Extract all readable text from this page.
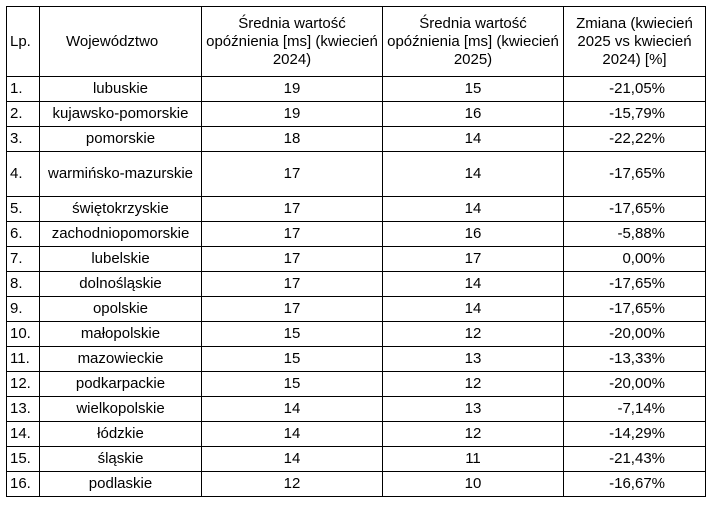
Lp.	Województwo	Średnia wartość opóźnienia [ms] (kwiecień 2024)	Średnia wartość opóźnienia [ms] (kwiecień 2025)	Zmiana (kwiecień 2025 vs kwiecień 2024) [%]
1.	lubuskie	19	15	-21,05%
2.	kujawsko-pomorskie	19	16	-15,79%
3.	pomorskie	18	14	-22,22%
4.	warmińsko-mazurskie	17	14	-17,65%
5.	świętokrzyskie	17	14	-17,65%
6.	zachodniopomorskie	17	16	-5,88%
7.	lubelskie	17	17	0,00%
8.	dolnośląskie	17	14	-17,65%
9.	opolskie	17	14	-17,65%
10.	małopolskie	15	12	-20,00%
11.	mazowieckie	15	13	-13,33%
12.	podkarpackie	15	12	-20,00%
13.	wielkopolskie	14	13	-7,14%
14.	łódzkie	14	12	-14,29%
15.	śląskie	14	11	-21,43%
16.	podlaskie	12	10	-16,67%
